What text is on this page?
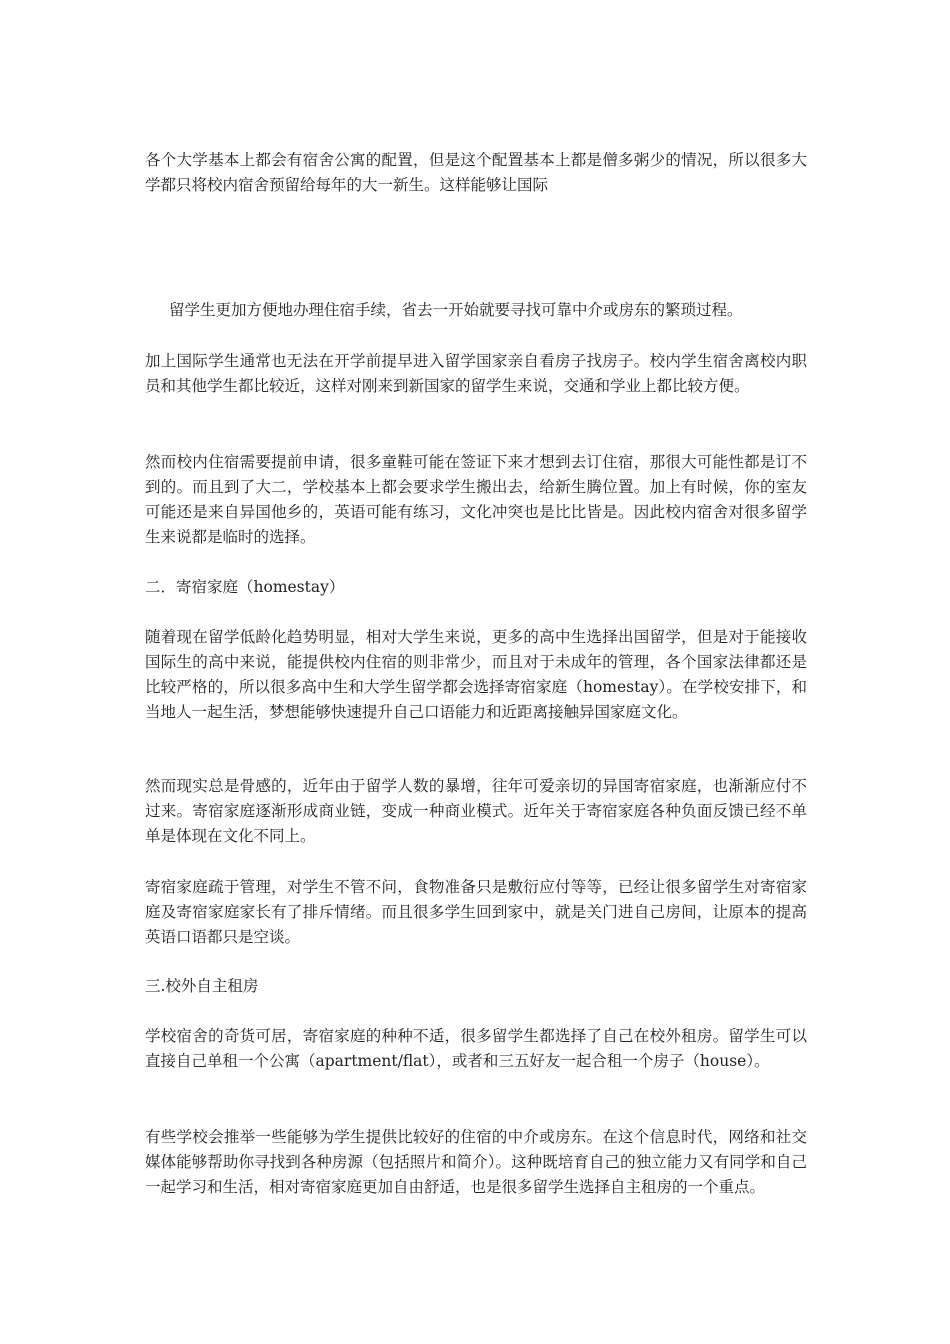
各个大学基本上都会有宿舍公寓的配置，但是这个配置基本上都是僧多粥少的情况，所以很多大学都只将校内宿舍预留给每年的大一新生。这样能够让国际

留学生更加方便地办理住宿手续，省去一开始就要寻找可靠中介或房东的繁琐过程。

加上国际学生通常也无法在开学前提早进入留学国家亲自看房子找房子。校内学生宿舍离校内职员和其他学生都比较近，这样对刚来到新国家的留学生来说，交通和学业上都比较方便。

然而校内住宿需要提前申请，很多童鞋可能在签证下来才想到去订住宿，那很大可能性都是订不到的。而且到了大二，学校基本上都会要求学生搬出去，给新生腾位置。加上有时候，你的室友可能还是来自异国他乡的，英语可能有练习，文化冲突也是比比皆是。因此校内宿舍对很多留学生来说都是临时的选择。

二．寄宿家庭（homestay）

随着现在留学低龄化趋势明显，相对大学生来说，更多的高中生选择出国留学，但是对于能接收国际生的高中来说，能提供校内住宿的则非常少，而且对于未成年的管理，各个国家法律都还是比较严格的，所以很多高中生和大学生留学都会选择寄宿家庭（homestay）。在学校安排下，和当地人一起生活，梦想能够快速提升自己口语能力和近距离接触异国家庭文化。

然而现实总是骨感的，近年由于留学人数的暴增，往年可爱亲切的异国寄宿家庭，也渐渐应付不过来。寄宿家庭逐渐形成商业链，变成一种商业模式。近年关于寄宿家庭各种负面反馈已经不单单是体现在文化不同上。

寄宿家庭疏于管理，对学生不管不问，食物准备只是敷衍应付等等，已经让很多留学生对寄宿家庭及寄宿家庭家长有了排斥情绪。而且很多学生回到家中，就是关门进自己房间，让原本的提高英语口语都只是空谈。

三.校外自主租房

学校宿舍的奇货可居，寄宿家庭的种种不适，很多留学生都选择了自己在校外租房。留学生可以直接自己单租一个公寓（apartment/flat），或者和三五好友一起合租一个房子（house）。

有些学校会推举一些能够为学生提供比较好的住宿的中介或房东。在这个信息时代，网络和社交媒体能够帮助你寻找到各种房源（包括照片和简介）。这种既培育自己的独立能力又有同学和自己一起学习和生活，相对寄宿家庭更加自由舒适，也是很多留学生选择自主租房的一个重点。
